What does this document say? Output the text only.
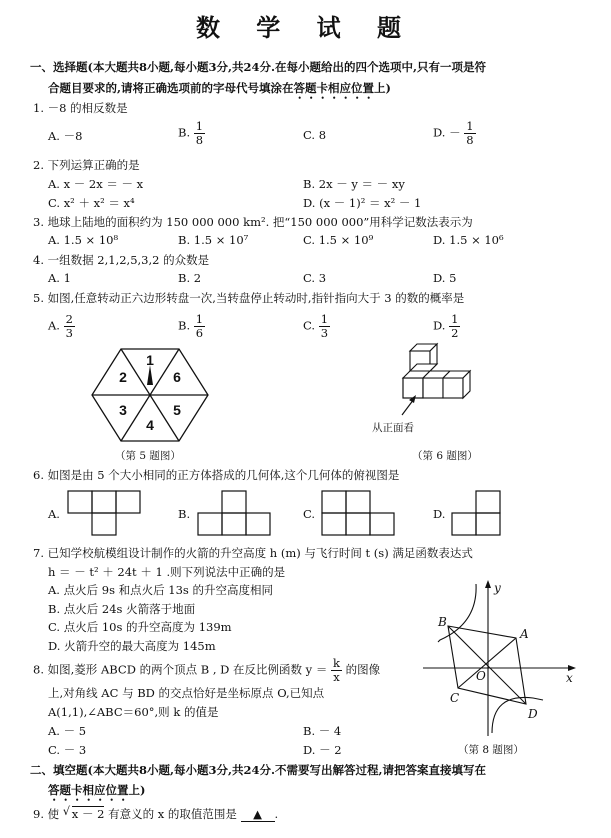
数 学 试 题
一、选择题(本大题共8小题,每小题3分,共24分.在每小题给出的四个选项中,只有一项是符
合题目要求的,请将正确选项前的字母代号填涂在答题卡相应位置上)
1. －8 的相反数是
A. －8	B. $\frac{1}{8}$	C. 8	D. － $\frac{1}{8}$
2. 下列运算正确的是
A. x － 2x ＝ － x	B. 2x － y ＝ － xy
C. x² ＋ x² ＝ x⁴	D. (x － 1)² ＝ x² － 1
3. 地球上陆地的面积约为 150 000 000 km². 把“150 000 000”用科学记数法表示为
A. 1.5 × 10⁸	B. 1.5 × 10⁷	C. 1.5 × 10⁹	D. 1.5 × 10⁶
4. 一组数据 2,1,2,5,3,2 的众数是
A. 1	B. 2	C. 3	D. 5
5. 如图,任意转动正六边形转盘一次,当转盘停止转动时,指针指向大于 3 的数的概率是
A. $\frac{2}{3}$	B. $\frac{1}{6}$	C. $\frac{1}{3}$	D. $\frac{1}{2}$
1
6
5
4
3
2
（第 5 题图）
从正面看
（第 6 题图）
6. 如图是由 5 个大小相同的正方体搭成的几何体,这个几何体的俯视图是
A.	B.	C.	D.
7. 已知学校航模组设计制作的火箭的升空高度 h (m) 与飞行时间 t (s) 满足函数表达式
h ＝ － t² ＋ 24t ＋ 1 .则下列说法中正确的是
A. 点火后 9s 和点火后 13s 的升空高度相同
B. 点火后 24s 火箭落于地面
C. 点火后 10s 的升空高度为 139m
D. 火箭升空的最大高度为 145m
8. 如图,菱形 ABCD 的两个顶点 B , D 在反比例函数 $y = \frac{k}{x}$ 的图像
上,对角线 AC 与 BD 的交点恰好是坐标原点 O,已知点
A(1,1),∠ABC＝60°,则 k 的值是
A. － 5	B. － 4
C. － 3	D. － 2
y
x
A
B
C
D
O
（第 8 题图）
二、填空题(本大题共8小题,每小题3分,共24分.不需要写出解答过程,请把答案直接填写在
答题卡相应位置上)
9. 使 √ x － 2 有意义的 x 的取值范围是 ▲ .
